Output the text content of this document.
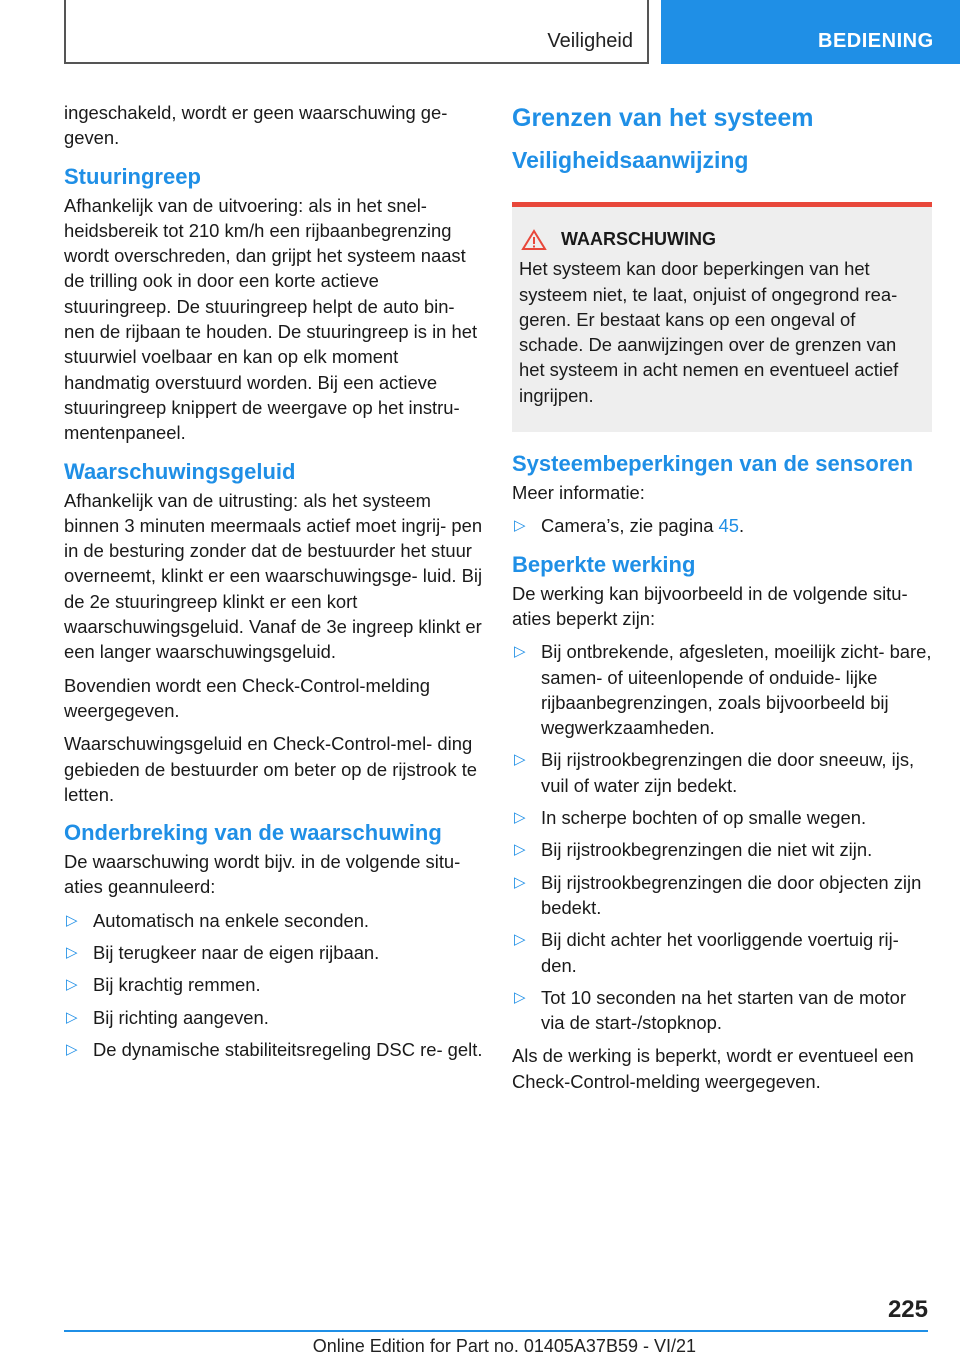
Veiligheid	BEDIENING

ingeschakeld, wordt er geen waarschuwing ge‐ geven.

Stuuringreep

Afhankelijk van de uitvoering: als in het snel‐ heidsbereik tot 210 km/h een rijbaanbegrenzing wordt overschreden, dan grijpt het systeem naast de trilling ook in door een korte actieve stuuringreep. De stuuringreep helpt de auto bin‐ nen de rijbaan te houden. De stuuringreep is in het stuurwiel voelbaar en kan op elk moment handmatig overstuurd worden. Bij een actieve stuuringreep knippert de weergave op het instru‐ mentenpaneel.

Waarschuwingsgeluid

Afhankelijk van de uitrusting: als het systeem binnen 3 minuten meermaals actief moet ingrij‐ pen in de besturing zonder dat de bestuurder het stuur overneemt, klinkt er een waarschuwingsge‐ luid. Bij de 2e stuuringreep klinkt er een kort waarschuwingsgeluid. Vanaf de 3e ingreep klinkt er een langer waarschuwingsgeluid.

Bovendien wordt een Check-Control-melding weergegeven.

Waarschuwingsgeluid en Check-Control-mel‐ ding gebieden de bestuurder om beter op de rijstrook te letten.

Onderbreking van de waarschuwing

De waarschuwing wordt bijv. in de volgende situ‐ aties geannuleerd:

▷ Automatisch na enkele seconden.
▷ Bij terugkeer naar de eigen rijbaan.
▷ Bij krachtig remmen.
▷ Bij richting aangeven.
▷ De dynamische stabiliteitsregeling DSC re‐ gelt.
Grenzen van het systeem
Veiligheidsaanwijzing
WAARSCHUWING

Het systeem kan door beperkingen van het systeem niet, te laat, onjuist of ongegrond rea‐ geren. Er bestaat kans op een ongeval of schade. De aanwijzingen over de grenzen van het systeem in acht nemen en eventueel actief ingrijpen.

Systeembeperkingen van de sensoren

Meer informatie:

▷ Camera’s, zie pagina 45.
Beperkte werking

De werking kan bijvoorbeeld in de volgende situ‐ aties beperkt zijn:

▷ Bij ontbrekende, afgesleten, moeilijk zicht‐ bare, samen- of uiteenlopende of onduide‐ lijke rijbaanbegrenzingen, zoals bijvoorbeeld bij wegwerkzaamheden.
▷ Bij rijstrookbegrenzingen die door sneeuw, ijs, vuil of water zijn bedekt.
▷ In scherpe bochten of op smalle wegen.
▷ Bij rijstrookbegrenzingen die niet wit zijn.
▷ Bij rijstrookbegrenzingen die door objecten zijn bedekt.
▷ Bij dicht achter het voorliggende voertuig rij‐ den.
▷ Tot 10 seconden na het starten van de motor via de start-/stopknop.

Als de werking is beperkt, wordt er eventueel een Check-Control-melding weergegeven.

225
Online Edition for Part no. 01405A37B59 - VI/21
